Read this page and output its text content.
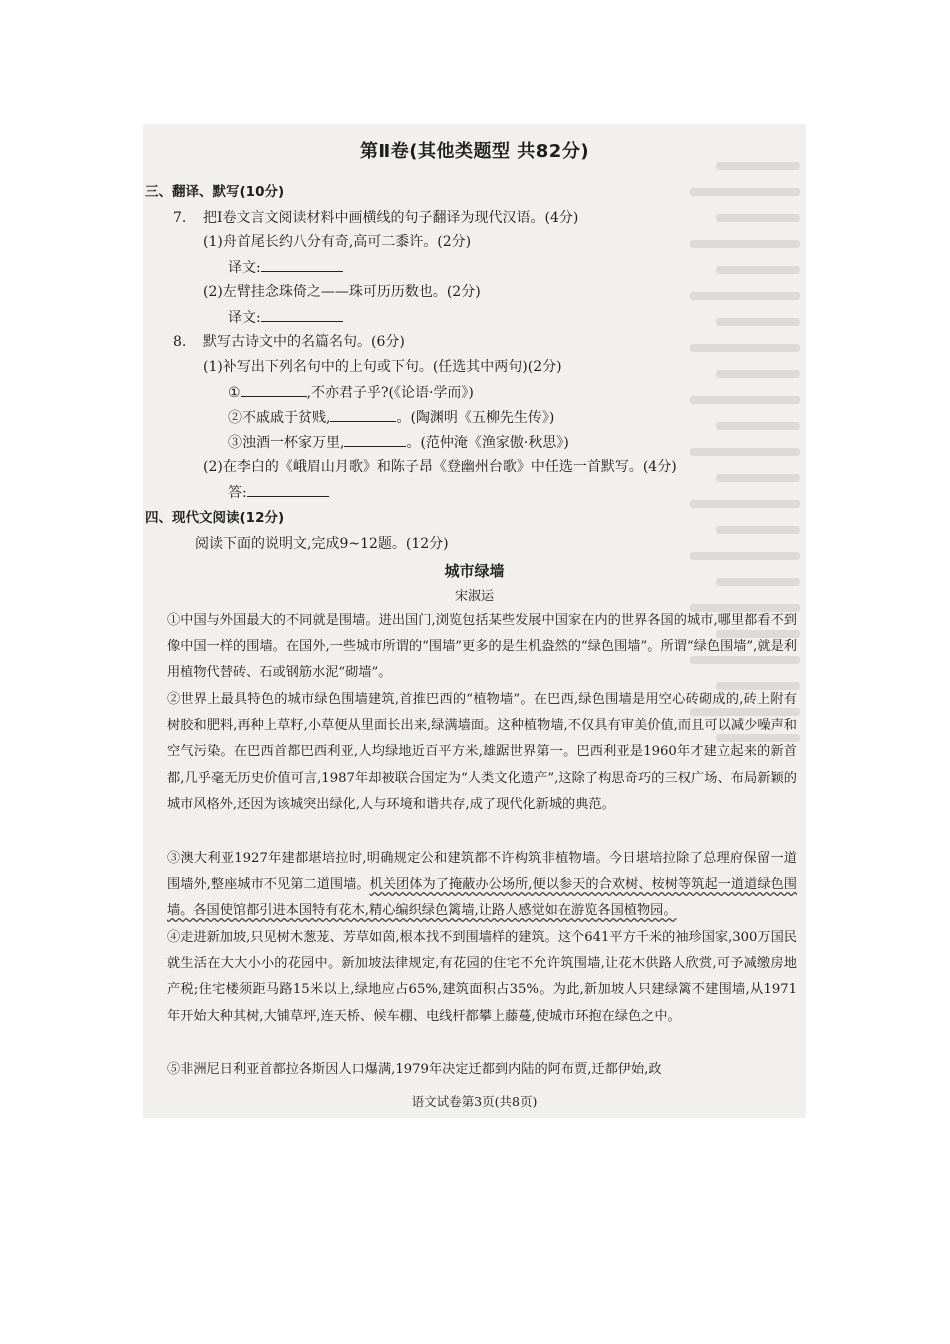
第Ⅱ卷(其他类题型 共82分)
三、翻译、默写(10分)
7. 把Ⅰ卷文言文阅读材料中画横线的句子翻译为现代汉语。(4分)
(1)舟首尾长约八分有奇,高可二黍许。(2分)
译文:
(2)左臂挂念珠倚之——珠可历历数也。(2分)
译文:
8. 默写古诗文中的名篇名句。(6分)
(1)补写出下列名句中的上句或下句。(任选其中两句)(2分)
①	,不亦君子乎?(《论语·学而》)
②不戚戚于贫贱,	。(陶渊明《五柳先生传》)
③浊酒一杯家万里,	。(范仲淹《渔家傲·秋思》)
(2)在李白的《峨眉山月歌》和陈子昂《登幽州台歌》中任选一首默写。(4分)
答:
四、现代文阅读(12分)
阅读下面的说明文,完成9~12题。(12分)
城市绿墙
宋淑运
①中国与外国最大的不同就是围墙。进出国门,浏览包括某些发展中国家在内的世界各国的城市,哪里都看不到像中国一样的围墙。在国外,一些城市所谓的“围墙”更多的是生机盎然的“绿色围墙”。所谓“绿色围墙”,就是利用植物代替砖、石或钢筋水泥“砌墙”。
②世界上最具特色的城市绿色围墙建筑,首推巴西的“植物墙”。在巴西,绿色围墙是用空心砖砌成的,砖上附有树胶和肥料,再种上草籽,小草便从里面长出来,绿满墙面。这种植物墙,不仅具有审美价值,而且可以减少噪声和空气污染。在巴西首都巴西利亚,人均绿地近百平方米,雄踞世界第一。巴西利亚是1960年才建立起来的新首都,几乎毫无历史价值可言,1987年却被联合国定为“人类文化遗产”,这除了构思奇巧的三权广场、布局新颖的城市风格外,还因为该城突出绿化,人与环境和谐共存,成了现代化新城的典范。
③澳大利亚1927年建都堪培拉时,明确规定公和建筑都不许构筑非植物墙。今日堪培拉除了总理府保留一道围墙外,整座城市不见第二道围墙。机关团体为了掩蔽办公场所,便以参天的合欢树、桉树等筑起一道道绿色围墙。各国使馆都引进本国特有花木,精心编织绿色篱墙,让路人感觉如在游览各国植物园。
④走进新加坡,只见树木葱茏、芳草如茵,根本找不到围墙样的建筑。这个641平方千米的袖珍国家,300万国民就生活在大大小小的花园中。新加坡法律规定,有花园的住宅不允许筑围墙,让花木供路人欣赏,可予减缴房地产税;住宅楼须距马路15米以上,绿地应占65%,建筑面积占35%。为此,新加坡人只建绿篱不建围墙,从1971年开始大种其树,大铺草坪,连天桥、候车棚、电线杆都攀上藤蔓,使城市环抱在绿色之中。
⑤非洲尼日利亚首都拉各斯因人口爆满,1979年决定迁都到内陆的阿布贾,迁都伊始,政
语文试卷第3页(共8页)
